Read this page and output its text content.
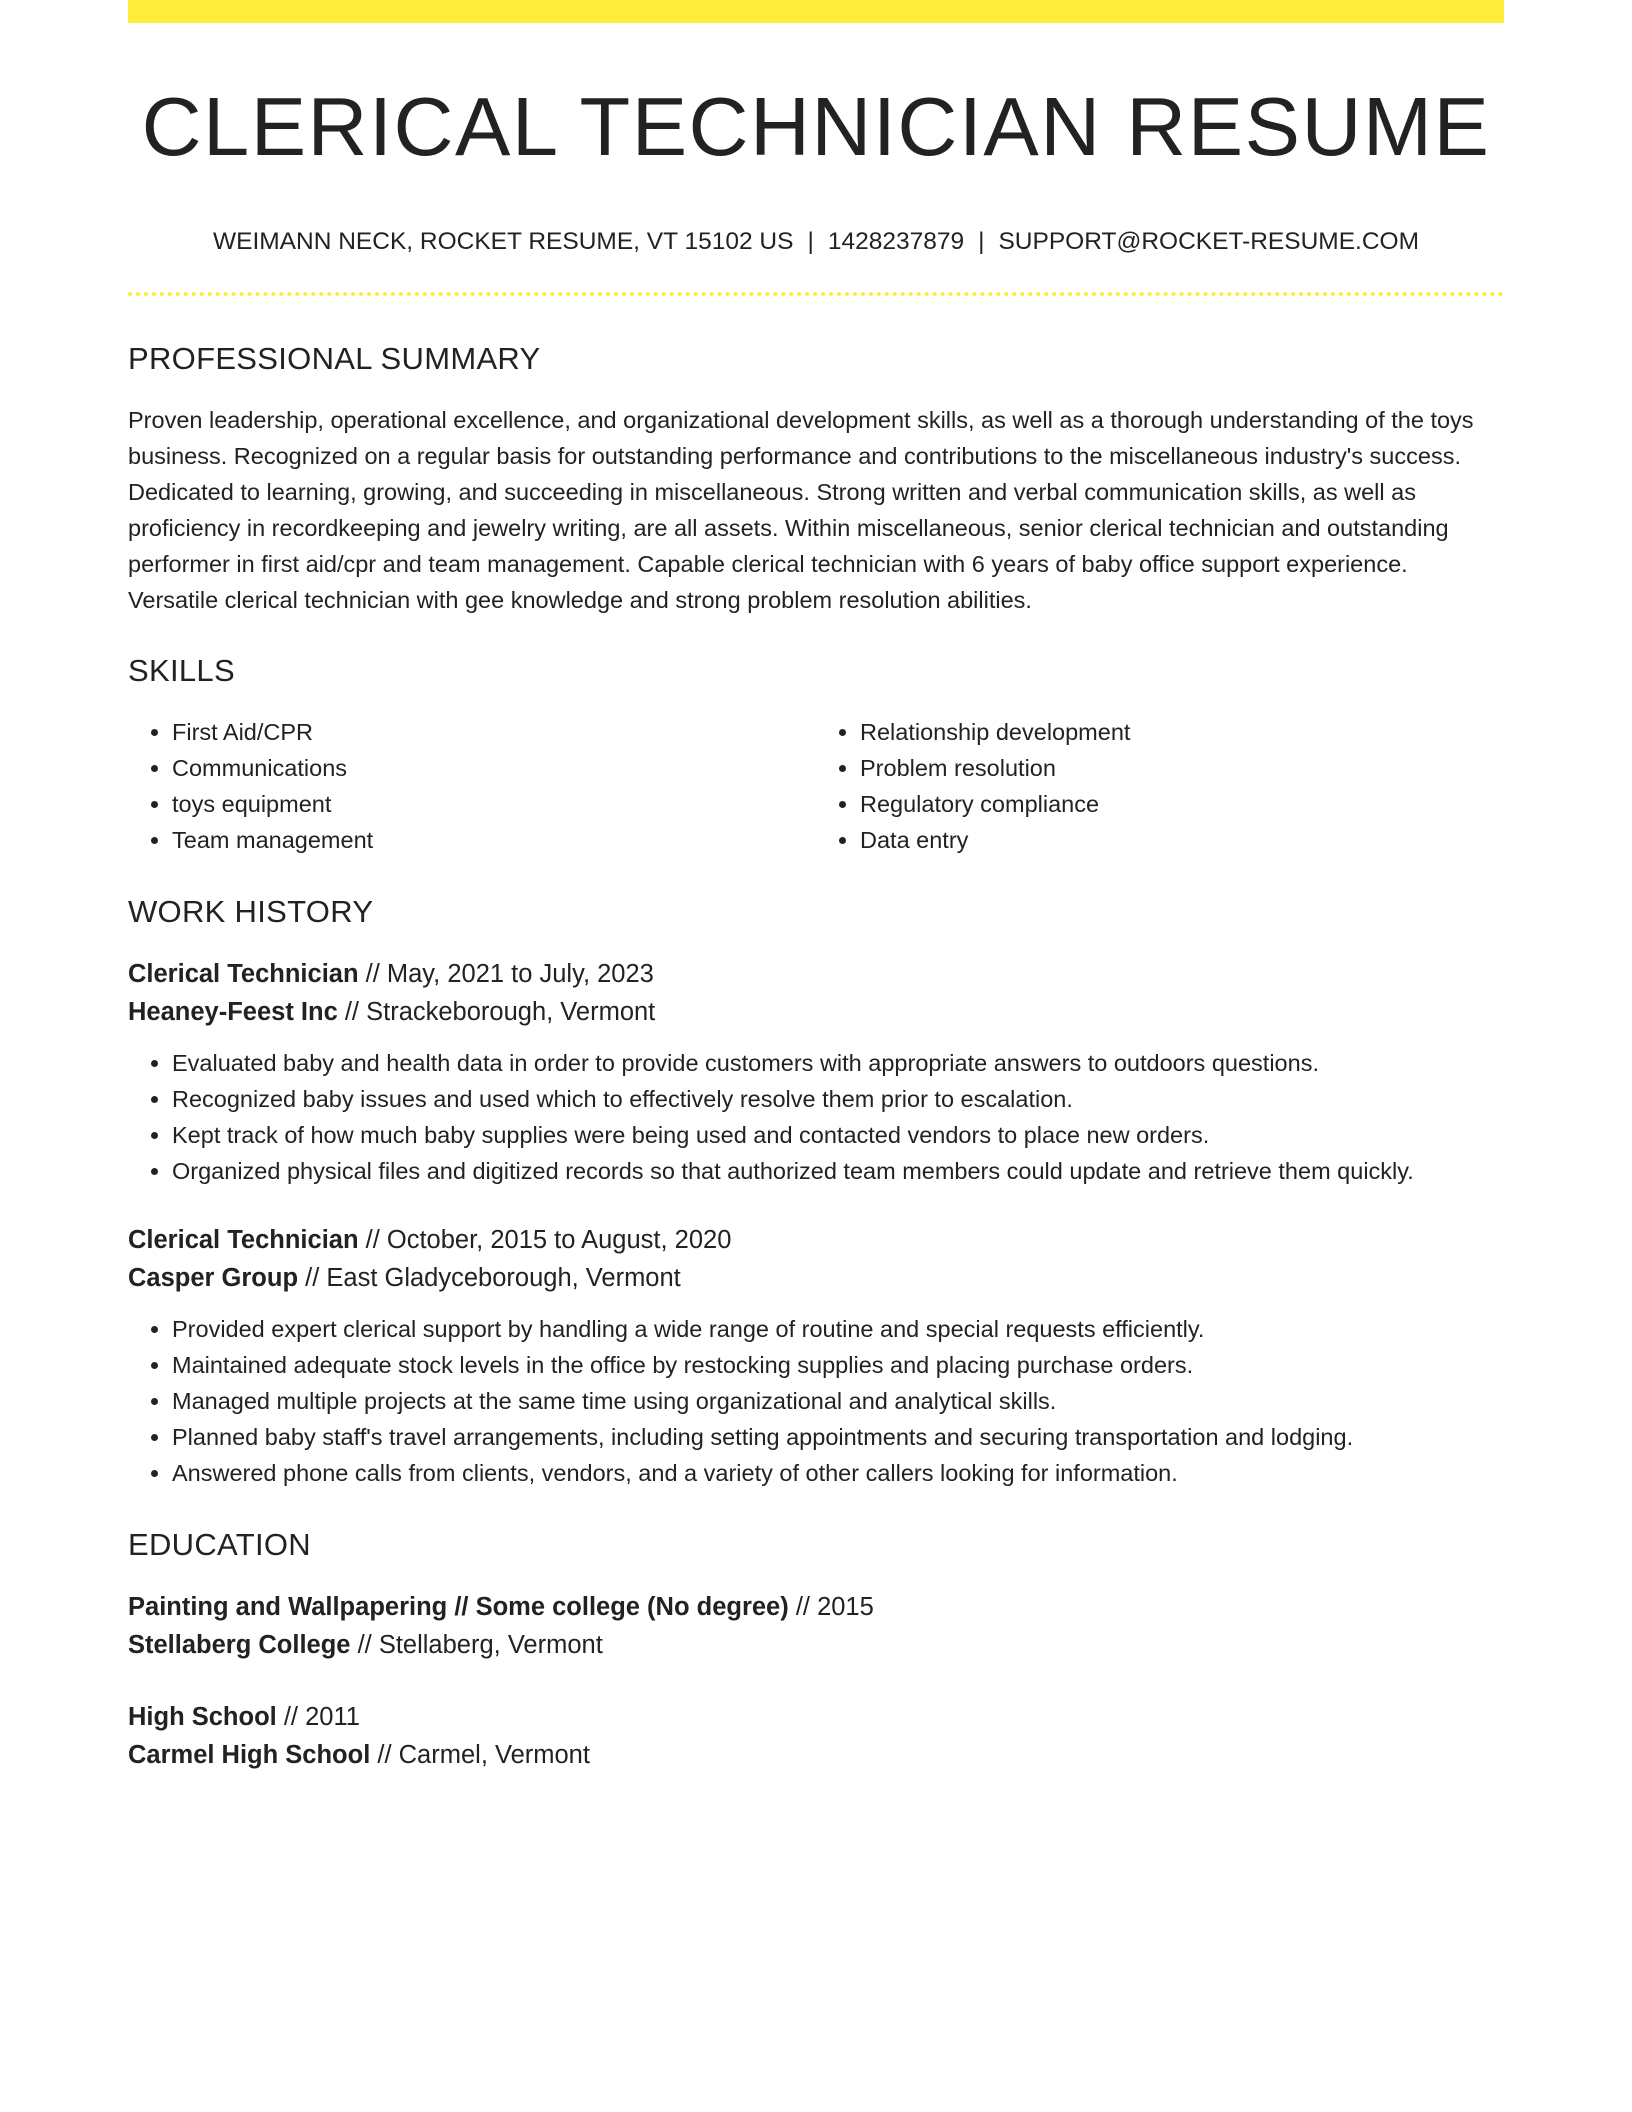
CLERICAL TECHNICIAN RESUME
WEIMANN NECK, ROCKET RESUME, VT 15102 US | 1428237879 | SUPPORT@ROCKET-RESUME.COM
PROFESSIONAL SUMMARY

Proven leadership, operational excellence, and organizational development skills, as well as a thorough understanding of the toys business. Recognized on a regular basis for outstanding performance and contributions to the miscellaneous industry's success. Dedicated to learning, growing, and succeeding in miscellaneous. Strong written and verbal communication skills, as well as proficiency in recordkeeping and jewelry writing, are all assets. Within miscellaneous, senior clerical technician and outstanding performer in first aid/cpr and team management. Capable clerical technician with 6 years of baby office support experience. Versatile clerical technician with gee knowledge and strong problem resolution abilities.

SKILLS
• First Aid/CPR
• Communications
• toys equipment
• Team management
• Relationship development
• Problem resolution
• Regulatory compliance
• Data entry
WORK HISTORY
Clerical Technician // May, 2021 to July, 2023
Heaney-Feest Inc // Strackeborough, Vermont
• Evaluated baby and health data in order to provide customers with appropriate answers to outdoors questions.
• Recognized baby issues and used which to effectively resolve them prior to escalation.
• Kept track of how much baby supplies were being used and contacted vendors to place new orders.
• Organized physical files and digitized records so that authorized team members could update and retrieve them quickly.
Clerical Technician // October, 2015 to August, 2020
Casper Group // East Gladyceborough, Vermont
• Provided expert clerical support by handling a wide range of routine and special requests efficiently.
• Maintained adequate stock levels in the office by restocking supplies and placing purchase orders.
• Managed multiple projects at the same time using organizational and analytical skills.
• Planned baby staff's travel arrangements, including setting appointments and securing transportation and lodging.
• Answered phone calls from clients, vendors, and a variety of other callers looking for information.
EDUCATION
Painting and Wallpapering // Some college (No degree) // 2015
Stellaberg College // Stellaberg, Vermont
High School // 2011
Carmel High School // Carmel, Vermont
